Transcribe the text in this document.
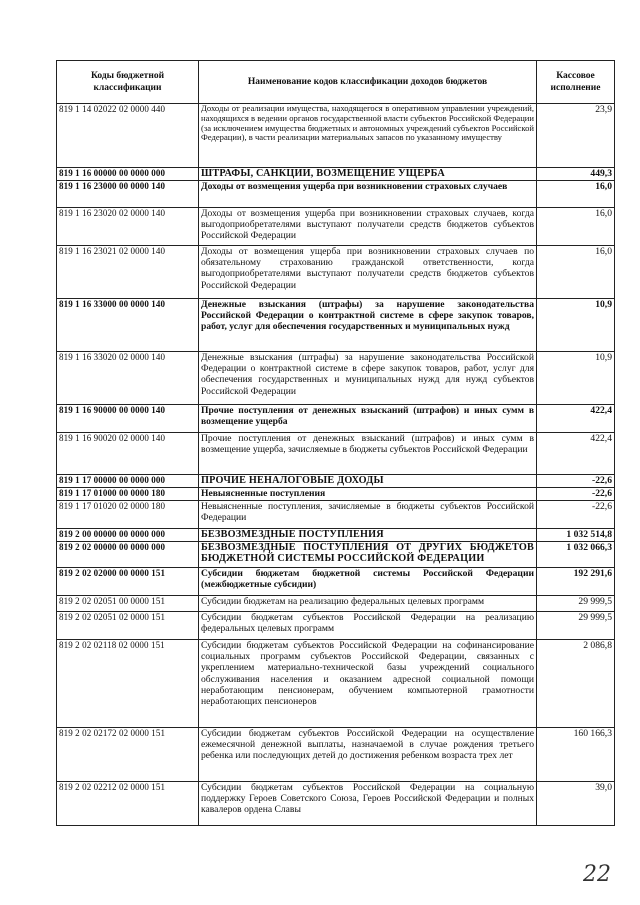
Коды бюджетной классификации	Наименование кодов классификации доходов бюджетов	Кассовое исполнение
819 1 14 02022 02 0000 440	Доходы от реализации имущества, находящегося в оперативном управлении учреждений, находящихся в ведении органов государственной власти субъектов Российской Федерации (за исключением имущества бюджетных и автономных учреждений субъектов Российской Федерации), в части реализации материальных запасов по указанному имуществу	23,9
819 1 16 00000 00 0000 000	ШТРАФЫ, САНКЦИИ, ВОЗМЕЩЕНИЕ УЩЕРБА	449,3
819 1 16 23000 00 0000 140	Доходы от возмещения ущерба при возникновении страховых случаев	16,0
819 1 16 23020 02 0000 140	Доходы от возмещения ущерба при возникновении страховых случаев, когда выгодоприобретателями выступают получатели средств бюджетов субъектов Российской Федерации	16,0
819 1 16 23021 02 0000 140	Доходы от возмещения ущерба при возникновении страховых случаев по обязательному страхованию гражданской ответственности, когда выгодоприобретателями выступают получатели средств бюджетов субъектов Российской Федерации	16,0
819 1 16 33000 00 0000 140	Денежные взыскания (штрафы) за нарушение законодательства Российской Федерации о контрактной системе в сфере закупок товаров, работ, услуг для обеспечения государственных и муниципальных нужд	10,9
819 1 16 33020 02 0000 140	Денежные взыскания (штрафы) за нарушение законодательства Российской Федерации о контрактной системе в сфере закупок товаров, работ, услуг для обеспечения государственных и муниципальных нужд для нужд субъектов Российской Федерации	10,9
819 1 16 90000 00 0000 140	Прочие поступления от денежных взысканий (штрафов) и иных сумм в возмещение ущерба	422,4
819 1 16 90020 02 0000 140	Прочие поступления от денежных взысканий (штрафов) и иных сумм в возмещение ущерба, зачисляемые в бюджеты субъектов Российской Федерации	422,4
819 1 17 00000 00 0000 000	ПРОЧИЕ НЕНАЛОГОВЫЕ ДОХОДЫ	-22,6
819 1 17 01000 00 0000 180	Невыясненные поступления	-22,6
819 1 17 01020 02 0000 180	Невыясненные поступления, зачисляемые в бюджеты субъектов Российской Федерации	-22,6
819 2 00 00000 00 0000 000	БЕЗВОЗМЕЗДНЫЕ ПОСТУПЛЕНИЯ	1 032 514,8
819 2 02 00000 00 0000 000	БЕЗВОЗМЕЗДНЫЕ ПОСТУПЛЕНИЯ ОТ ДРУГИХ БЮДЖЕТОВ БЮДЖЕТНОЙ СИСТЕМЫ РОССИЙСКОЙ ФЕДЕРАЦИИ	1 032 066,3
819 2 02 02000 00 0000 151	Субсидии бюджетам бюджетной системы Российской Федерации (межбюджетные субсидии)	192 291,6
819 2 02 02051 00 0000 151	Субсидии бюджетам на реализацию федеральных целевых программ	29 999,5
819 2 02 02051 02 0000 151	Субсидии бюджетам субъектов Российской Федерации на реализацию федеральных целевых программ	29 999,5
819 2 02 02118 02 0000 151	Субсидии бюджетам субъектов Российской Федерации на софинансирование социальных программ субъектов Российской Федерации, связанных с укреплением материально-технической базы учреждений социального обслуживания населения и оказанием адресной социальной помощи неработающим пенсионерам, обучением компьютерной грамотности неработающих пенсионеров	2 086,8
819 2 02 02172 02 0000 151	Субсидии бюджетам субъектов Российской Федерации на осуществление ежемесячной денежной выплаты, назначаемой в случае рождения третьего ребенка или последующих детей до достижения ребенком возраста трех лет	160 166,3
819 2 02 02212 02 0000 151	Субсидии бюджетам субъектов Российской Федерации на социальную поддержку Героев Советского Союза, Героев Российской Федерации и полных кавалеров ордена Славы	39,0
22
